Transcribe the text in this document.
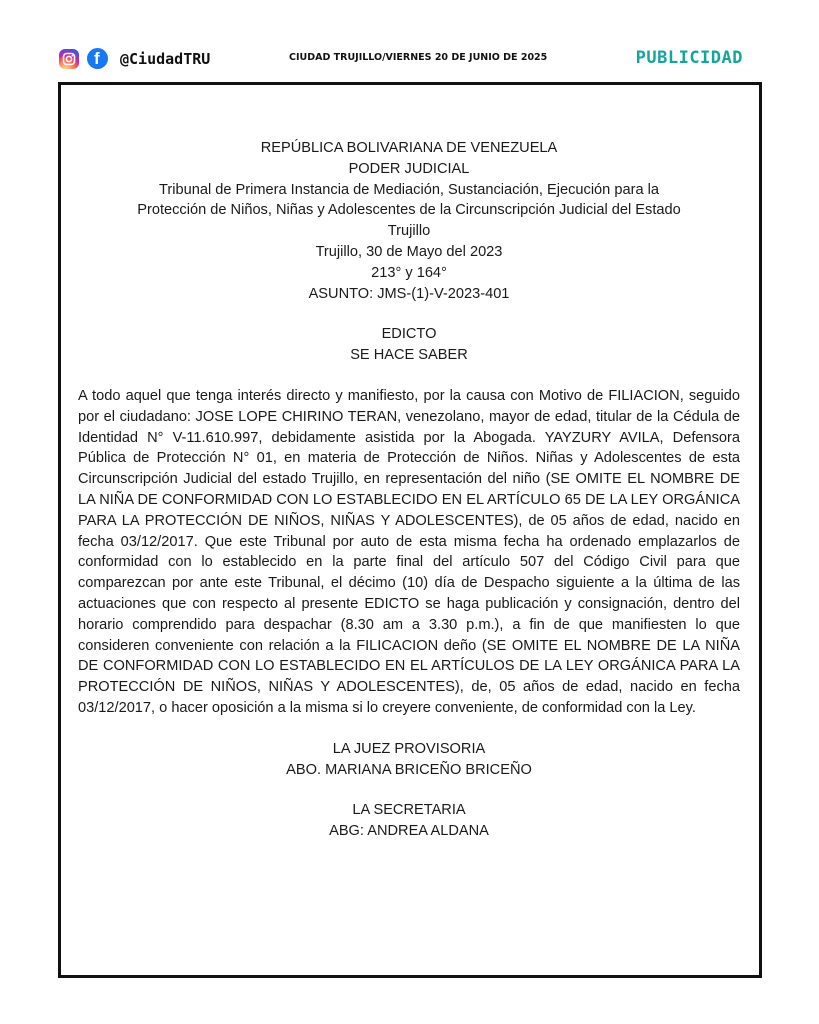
f @CiudadTRU	CIUDAD TRUJILLO/VIERNES 20 DE JUNIO DE 2025	PUBLICIDAD
REPÚBLICA BOLIVARIANA DE VENEZUELA
PODER JUDICIAL
Tribunal de Primera Instancia de Mediación, Sustanciación, Ejecución para la
Protección de Niños, Niñas y Adolescentes de la Circunscripción Judicial del Estado
Trujillo
Trujillo, 30 de Mayo del 2023
213° y 164°
ASUNTO: JMS-(1)-V-2023-401
EDICTO
SE HACE SABER
A todo aquel que tenga interés directo y manifiesto, por la causa con Motivo de FILIACION, seguido por el ciudadano: JOSE LOPE CHIRINO TERAN, venezolano, mayor de edad, titular de la Cédula de Identidad N° V-11.610.997, debidamente asistida por la Abogada. YAYZURY AVILA, Defensora Pública de Protección N° 01, en materia de Protección de Niños. Niñas y Adolescentes de esta Circunscripción Judicial del estado Trujillo, en representación del niño (SE OMITE EL NOMBRE DE LA NIÑA DE CONFORMIDAD CON LO ESTABLECIDO EN EL ARTÍCULO 65 DE LA LEY ORGÁNICA PARA LA PROTECCIÓN DE NIÑOS, NIÑAS Y ADOLESCENTES), de 05 años de edad, nacido en fecha 03/12/2017. Que este Tribunal por auto de esta misma fecha ha ordenado emplazarlos de conformidad con lo establecido en la parte final del artículo 507 del Código Civil para que comparezcan por ante este Tribunal, el décimo (10) día de Despacho siguiente a la última de las actuaciones que con respecto al presente EDICTO se haga publicación y consignación, dentro del horario comprendido para despachar (8.30 am a 3.30 p.m.), a fin de que manifiesten lo que consideren conveniente con relación a la FILICACION deño (SE OMITE EL NOMBRE DE LA NIÑA DE CONFORMIDAD CON LO ESTABLECIDO EN EL ARTÍCULOS DE LA LEY ORGÁNICA PARA LA PROTECCIÓN DE NIÑOS, NIÑAS Y ADOLESCENTES), de, 05 años de edad, nacido en fecha 03/12/2017, o hacer oposición a la misma si lo creyere conveniente, de conformidad con la Ley.
LA JUEZ PROVISORIA
ABO. MARIANA BRICEÑO BRICEÑO
LA SECRETARIA
ABG: ANDREA ALDANA
